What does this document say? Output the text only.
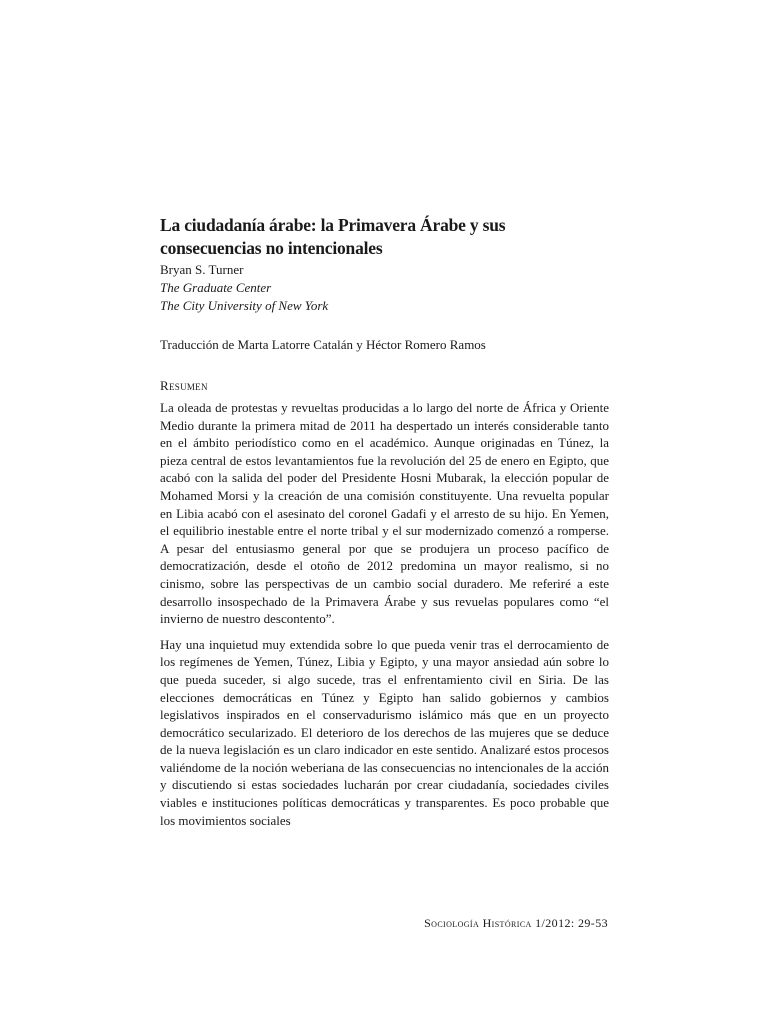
La ciudadanía árabe: la Primavera Árabe y sus consecuencias no intencionales
Bryan S. Turner
The Graduate Center
The City University of New York
Traducción de Marta Latorre Catalán y Héctor Romero Ramos
Resumen

La oleada de protestas y revueltas producidas a lo largo del norte de África y Oriente Medio durante la primera mitad de 2011 ha despertado un interés considerable tanto en el ámbito periodístico como en el académico. Aunque originadas en Túnez, la pieza central de estos levantamientos fue la revolución del 25 de enero en Egipto, que acabó con la salida del poder del Presidente Hosni Mubarak, la elección popular de Mohamed Morsi y la creación de una comisión constituyente. Una revuelta popular en Libia acabó con el asesinato del coronel Gadafi y el arresto de su hijo. En Yemen, el equilibrio inestable entre el norte tribal y el sur modernizado comenzó a romperse. A pesar del entusiasmo general por que se produjera un proceso pacífico de democratización, desde el otoño de 2012 predomina un mayor realismo, si no cinismo, sobre las perspectivas de un cambio social duradero. Me referiré a este desarrollo insospechado de la Primavera Árabe y sus revuelas populares como “el invierno de nuestro descontento”.

Hay una inquietud muy extendida sobre lo que pueda venir tras el derrocamiento de los regímenes de Yemen, Túnez, Libia y Egipto, y una mayor ansiedad aún sobre lo que pueda suceder, si algo sucede, tras el enfrentamiento civil en Siria. De las elecciones democráticas en Túnez y Egipto han salido gobiernos y cambios legislativos inspirados en el conservadurismo islámico más que en un proyecto democrático secularizado. El deterioro de los derechos de las mujeres que se deduce de la nueva legislación es un claro indicador en este sentido. Analizaré estos procesos valiéndome de la noción weberiana de las consecuencias no intencionales de la acción y discutiendo si estas sociedades lucharán por crear ciudadanía, sociedades civiles viables e instituciones políticas democráticas y transparentes. Es poco probable que los movimientos sociales

Sociología Histórica 1/2012: 29-53
